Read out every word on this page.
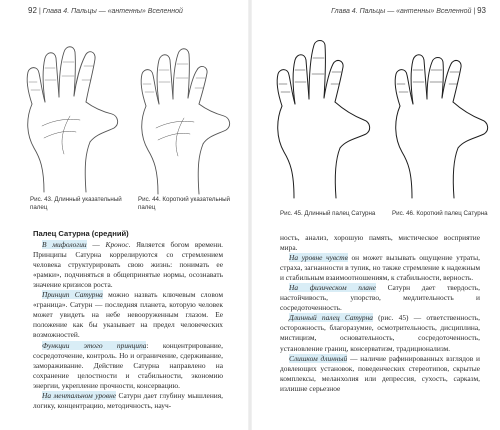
92 | Глава 4. Пальцы — «антенны» Вселенной
Рис. 43. Длинный указательный палец
Рис. 44. Короткий указательный палец
Палец Сатурна (средний)

В мифологии — Кронос. Является богом времени. Принципы Сатурна коррелируются со стремлением человека структурировать свою жизнь: понимать ее «рамки», подчиняться в общепринятые нормы, осознавать значение кризисов роста.

Принцип Сатурна можно назвать ключевым словом «граница». Сатурн — последняя планета, которую человек может увидеть на небе невооруженным глазом. Ее положение как бы указывает на предел человеческих возможностей.

Функции этого принципа: концентрирование, сосредоточение, контроль. Но и ограничение, сдерживание, замораживание. Действие Сатурна направлено на сохранение целостности и стабильности, экономию энергии, укрепление прочности, консервацию.

На ментальном уровне Сатурн дает глубину мышления, логику, концентрацию, методичность, науч-

Глава 4. Пальцы — «антенны» Вселенной | 93
Рис. 45. Длинный палец Сатурна	Рис. 46. Короткий палец Сатурна

ность, анализ, хорошую память, мистическое восприятие мира.

На уровне чувств он может вызывать ощущение утраты, страха, загнанности в тупик, но также стремление к надежным и стабильным взаимоотношениям, к стабильности, верность.

На физическом плане Сатурн дает твердость, настойчивость, упорство, медлительность и сосредоточенность.

Длинный палец Сатурна (рис. 45) — ответственность, осторожность, благоразумие, осмотрительность, дисциплина, мистицизм, основательность, сосредоточенность, установление границ, консерватизм, традиционализм.

Слишком длинный — наличие рафинированных взглядов и довлеющих установок, поведенческих стереотипов, скрытые комплексы, меланхолия или депрессия, сухость, сарказм, излишне серьезное
